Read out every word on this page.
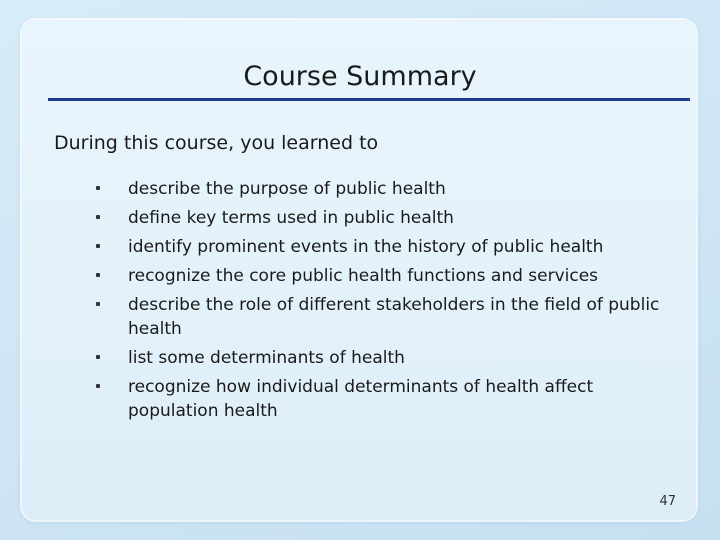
Course Summary
During this course, you learned to
describe the purpose of public health
define key terms used in public health
identify prominent events in the history of public health
recognize the core public health functions and services
describe the role of different stakeholders in the field of public health
list some determinants of health
recognize how individual determinants of health affect population health
47
